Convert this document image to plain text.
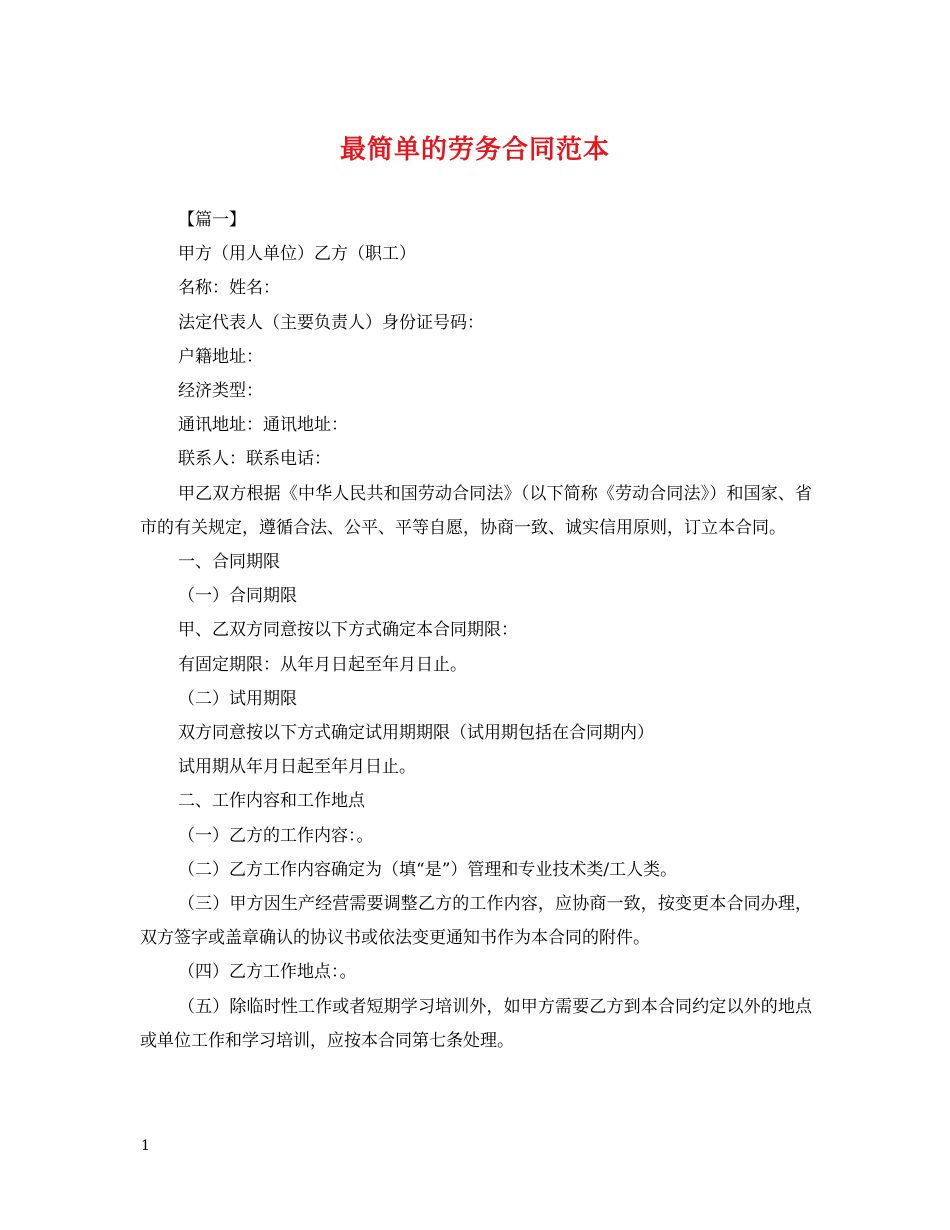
最简单的劳务合同范本

【篇一】

甲方（用人单位）乙方（职工）

名称：姓名：

法定代表人（主要负责人）身份证号码：

户籍地址：

经济类型：

通讯地址：通讯地址：

联系人：联系电话：

甲乙双方根据《中华人民共和国劳动合同法》（以下简称《劳动合同法》）和国家、省市的有关规定，遵循合法、公平、平等自愿，协商一致、诚实信用原则，订立本合同。

一、合同期限

（一）合同期限

甲、乙双方同意按以下方式确定本合同期限：

有固定期限：从年月日起至年月日止。

（二）试用期限

双方同意按以下方式确定试用期期限（试用期包括在合同期内）

试用期从年月日起至年月日止。

二、工作内容和工作地点

（一）乙方的工作内容：。

（二）乙方工作内容确定为（填“是”）管理和专业技术类/工人类。

（三）甲方因生产经营需要调整乙方的工作内容，应协商一致，按变更本合同办理，双方签字或盖章确认的协议书或依法变更通知书作为本合同的附件。

（四）乙方工作地点：。

（五）除临时性工作或者短期学习培训外，如甲方需要乙方到本合同约定以外的地点或单位工作和学习培训，应按本合同第七条处理。

1
